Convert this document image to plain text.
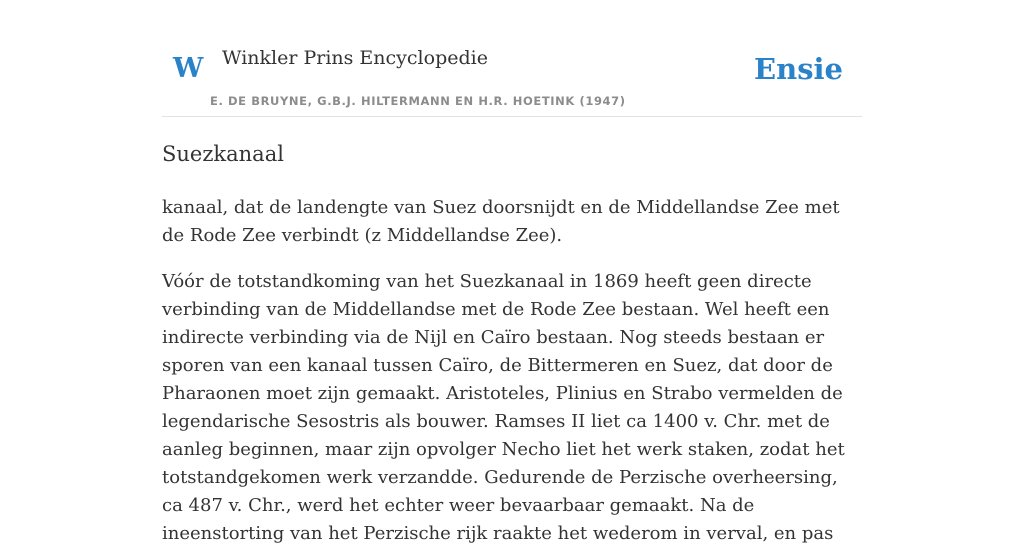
W Winkler Prins Encyclopedie
E. DE BRUYNE, G.B.J. HILTERMANN EN H.R. HOETINK (1947)
Ensie
Suezkanaal

kanaal, dat de landengte van Suez doorsnijdt en de Middellandse Zee met de Rode Zee verbindt (z Middellandse Zee).

Vóór de totstandkoming van het Suezkanaal in 1869 heeft geen directe verbinding van de Middellandse met de Rode Zee bestaan. Wel heeft een indirecte verbinding via de Nijl en Caïro bestaan. Nog steeds bestaan er sporen van een kanaal tussen Caïro, de Bittermeren en Suez, dat door de Pharaonen moet zijn gemaakt. Aristoteles, Plinius en Strabo vermelden de legendarische Sesostris als bouwer. Ramses II liet ca 1400 v. Chr. met de aanleg beginnen, maar zijn opvolger Necho liet het werk staken, zodat het totstandgekomen werk verzandde. Gedurende de Perzische overheersing, ca 487 v. Chr., werd het echter weer bevaarbaar gemaakt. Na de ineenstorting van het Perzische rijk raakte het wederom in verval, en pas
